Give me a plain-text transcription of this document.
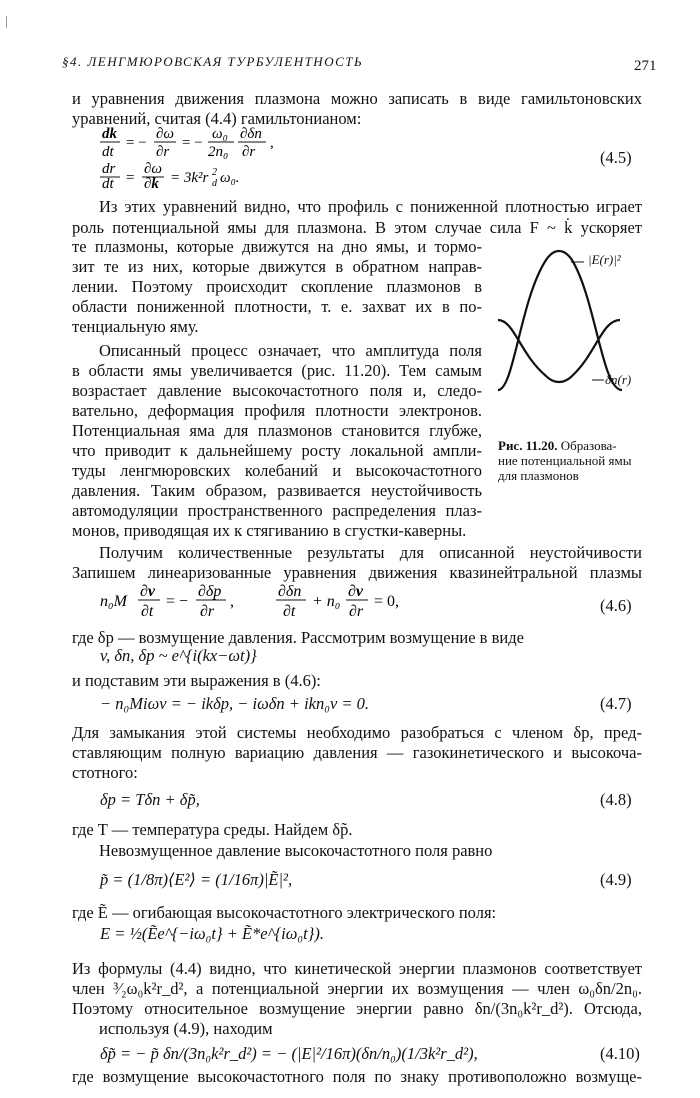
§4. ЛЕНГМЮРОВСКАЯ ТУРБУЛЕНТНОСТЬ	271
и уравнения движения плазмона можно записать в виде гамильтоновских
уравнений, считая (4.4) гамильтонианом:
dk
dt
= −
∂ω
∂r
= −
ω₀
2n₀
∂δn
∂r
,
dr
dt =
∂ω
∂k = 3k²r d
2 ω₀.
(4.5)
Из этих уравнений видно, что профиль с пониженной плотностью играет
роль потенциальной ямы для плазмона. В этом случае сила F ~ k̇ ускоряет
те плазмоны, которые движутся на дно ямы, и тормо-
зит те из них, которые движутся в обратном направ-
лении. Поэтому происходит скопление плазмонов в
области пониженной плотности, т. е. захват их в по-
тенциальную яму.
Описанный процесс означает, что амплитуда поля
в области ямы увеличивается (рис. 11.20). Тем самым
возрастает давление высокочастотного поля и, следо-
вательно, деформация профиля плотности электронов.
Потенциальная яма для плазмонов становится глубже,
что приводит к дальнейшему росту локальной ампли-
туды ленгмюровских колебаний и высокочастотного
давления. Таким образом, развивается неустойчивость
автомодуляции пространственного распределения плаз-
монов, приводящая их к стягиванию в сгустки-каверны.
|E(r)|²
δn(r)
Рис. 11.20. Образова- ние потенциальной ямы для плазмонов
Получим количественные результаты для описанной неустойчивости
Запишем линеаризованные уравнения движения квазинейтральной плазмы
n₀M
∂v
∂t
= −
∂δp
∂r
,
∂δn
∂t
+ n₀
∂v
∂r
= 0,	(4.6)
где δp — возмущение давления. Рассмотрим возмущение в виде
v, δn, δp ~ e^{i(kx−ωt)}
и подставим эти выражения в (4.6):
− n₀Miωv = − ikδp, − iωδn + ikn₀v = 0.	(4.7)
Для замыкания этой системы необходимо разобраться с членом δp, пред-
ставляющим полную вариацию давления — газокинетического и высокоча-
стотного:
δp = Tδn + δp̃,	(4.8)
где T — температура среды. Найдем δp̃.
Невозмущенное давление высокочастотного поля равно
p̃ = (1/8π)⟨E²⟩ = (1/16π)|Ẽ|²,	(4.9)
где Ẽ — огибающая высокочастотного электрического поля:
E = ½(Ẽe^{−iω₀t} + Ẽ*e^{iω₀t}).
Из формулы (4.4) видно, что кинетической энергии плазмонов соответствует
член ³⁄₂ω₀k²r_d², а потенциальной энергии их возмущения — член ω₀δn/2n₀.
Поэтому относительное возмущение энергии равно δn/(3n₀k²r_d²). Отсюда,
используя (4.9), находим
δp̃ = − p̃ δn/(3n₀k²r_d²) = − (|E|²/16π)(δn/n₀)(1/3k²r_d²),	(4.10)
где возмущение высокочастотного поля по знаку противоположно возмуще-
